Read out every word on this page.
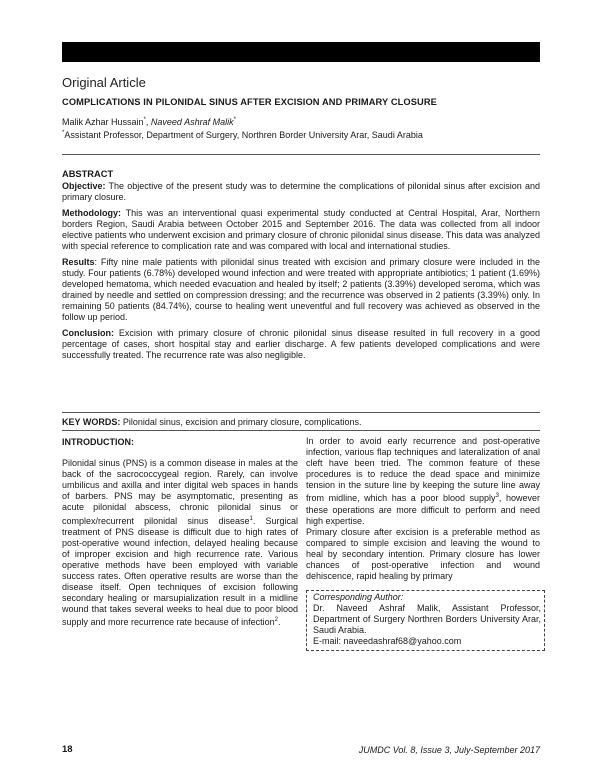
Original Article
COMPLICATIONS IN PILONIDAL SINUS AFTER EXCISION AND PRIMARY CLOSURE
Malik Azhar Hussain*, Naveed Ashraf Malik*
*Assistant Professor, Department of Surgery, Northren Border University Arar, Saudi Arabia

ABSTRACT

Objective: The objective of the present study was to determine the complications of pilonidal sinus after excision and primary closure.

Methodology: This was an interventional quasi experimental study conducted at Central Hospital, Arar, Northern borders Region, Saudi Arabia between October 2015 and September 2016. The data was collected from all indoor elective patients who underwent excision and primary closure of chronic pilonidal sinus disease. This data was analyzed with special reference to complication rate and was compared with local and international studies.

Results: Fifty nine male patients with pilonidal sinus treated with excision and primary closure were included in the study. Four patients (6.78%) developed wound infection and were treated with appropriate antibiotics; 1 patient (1.69%) developed hematoma, which needed evacuation and healed by itself; 2 patients (3.39%) developed seroma, which was drained by needle and settled on compression dressing; and the recurrence was observed in 2 patients (3.39%) only. In remaining 50 patients (84.74%), course to healing went uneventful and full recovery was achieved as observed in the follow up period.

Conclusion: Excision with primary closure of chronic pilonidal sinus disease resulted in full recovery in a good percentage of cases, short hospital stay and earlier discharge. A few patients developed complications and were successfully treated. The recurrence rate was also negligible.

KEY WORDS: Pilonidal sinus, excision and primary closure, complications.

INTRODUCTION:

Pilonidal sinus (PNS) is a common disease in males at the back of the sacrococcygeal region. Rarely, can involve umbilicus and axilla and inter digital web spaces in hands of barbers. PNS may be asymptomatic, presenting as acute pilonidal abscess, chronic pilonidal sinus or complex/recurrent pilonidal sinus disease$^1$. Surgical treatment of PNS disease is difficult due to high rates of post-operative wound infection, delayed healing because of improper excision and high recurrence rate. Various operative methods have been employed with variable success rates. Often operative results are worse than the disease itself. Open techniques of excision following secondary healing or marsupialization result in a midline wound that takes several weeks to heal due to poor blood supply and more recurrence rate because of infection$^2$.

In order to avoid early recurrence and post-operative infection, various flap techniques and lateralization of anal cleft have been tried. The common feature of these procedures is to reduce the dead space and minimize tension in the suture line by keeping the suture line away from midline, which has a poor blood supply$^3$, however these operations are more difficult to perform and need high expertise.

Primary closure after excision is a preferable method as compared to simple excision and leaving the wound to heal by secondary intention. Primary closure has lower chances of post-operative infection and wound dehiscence, rapid healing by primary

Corresponding Author:

Dr. Naveed Ashraf Malik, Assistant Professor, Department of Surgery Northren Borders University Arar, Saudi Arabia.

E-mail: naveedashraf68@yahoo.com

18	JUMDC Vol. 8, Issue 3, July-September 2017
